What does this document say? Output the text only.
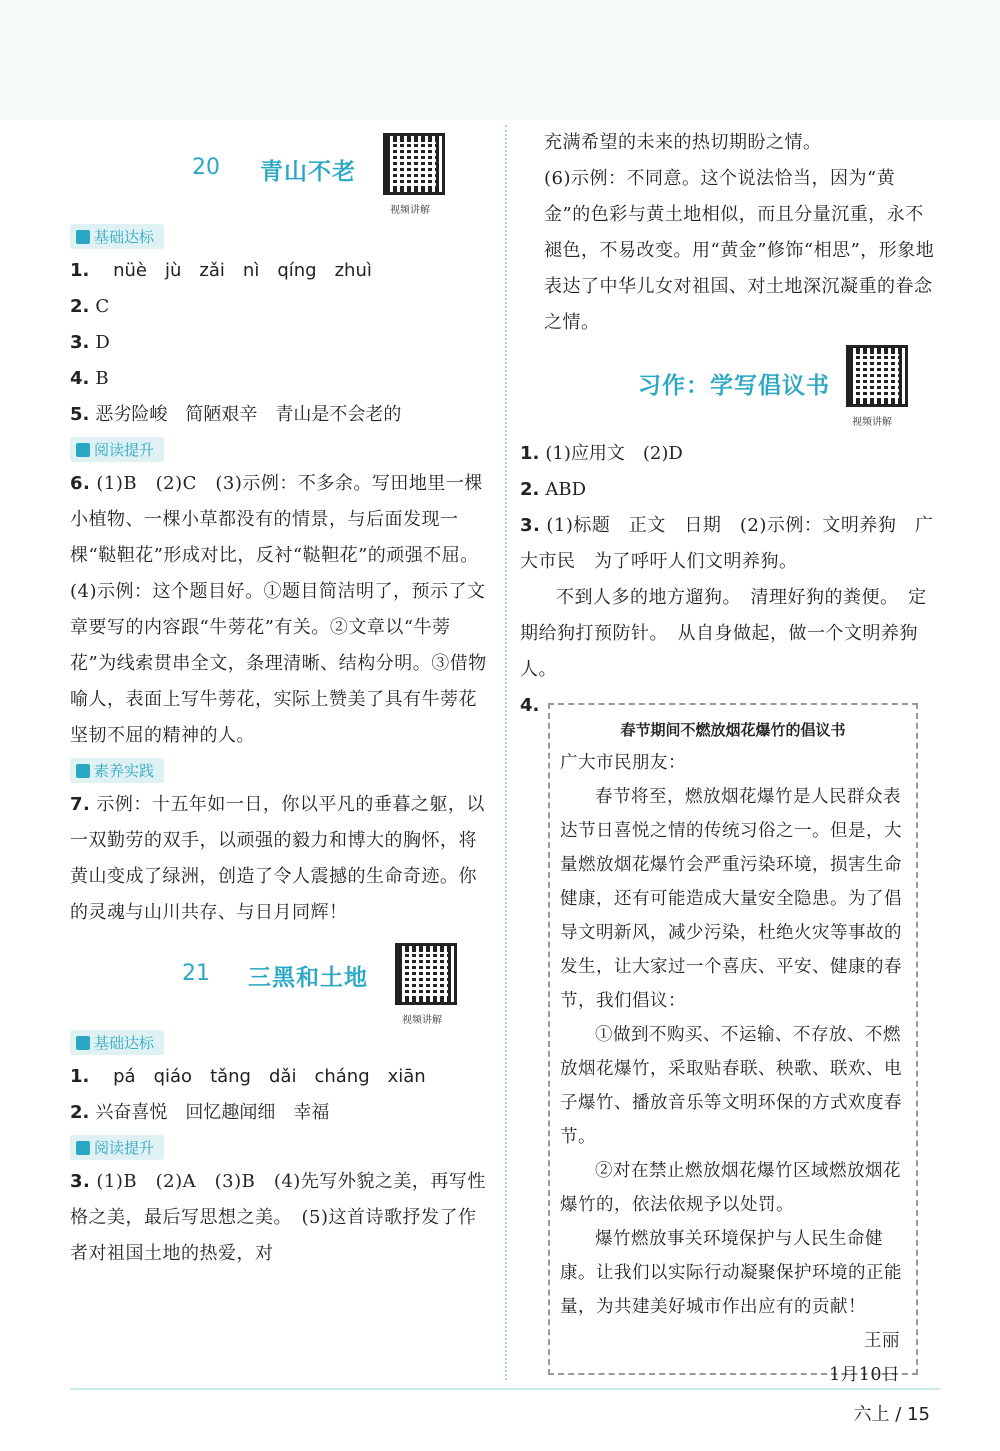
20 青山不老
视频讲解
基础达标
1. nüè jù zǎi nì qíng zhuì
2. C
3. D
4. B
5. 恶劣险峻　简陋艰辛　青山是不会老的
阅读提升
6. (1)B　(2)C　(3)示例：不多余。写田地里一棵小植物、一棵小草都没有的情景，与后面发现一棵“鞑靼花”形成对比，反衬“鞑靼花”的顽强不屈。　(4)示例：这个题目好。①题目简洁明了，预示了文章要写的内容跟“牛蒡花”有关。②文章以“牛蒡花”为线索贯串全文，条理清晰、结构分明。③借物喻人，表面上写牛蒡花，实际上赞美了具有牛蒡花坚韧不屈的精神的人。
素养实践
7. 示例：十五年如一日，你以平凡的垂暮之躯，以一双勤劳的双手，以顽强的毅力和博大的胸怀，将黄山变成了绿洲，创造了令人震撼的生命奇迹。你的灵魂与山川共存、与日月同辉！
21 三黑和土地
视频讲解
基础达标
1. pá qiáo tǎng dǎi cháng xiān
2. 兴奋喜悦　回忆趣闻细　幸福
阅读提升
3. (1)B　(2)A　(3)B　(4)先写外貌之美，再写性格之美，最后写思想之美。　(5)这首诗歌抒发了作者对祖国土地的热爱，对
充满希望的未来的热切期盼之情。
(6)示例：不同意。这个说法恰当，因为“黄金”的色彩与黄土地相似，而且分量沉重，永不褪色，不易改变。用“黄金”修饰“相思”，形象地表达了中华儿女对祖国、对土地深沉凝重的眷念之情。
习作：学写倡议书
视频讲解
1. (1)应用文　(2)D
2. ABD
3. (1)标题　正文　日期　(2)示例：文明养狗　广大市民　为了呼吁人们文明养狗。
不到人多的地方遛狗。　清理好狗的粪便。　定期给狗打预防针。　从自身做起，做一个文明养狗人。
4.
春节期间不燃放烟花爆竹的倡议书
广大市民朋友：
春节将至，燃放烟花爆竹是人民群众表达节日喜悦之情的传统习俗之一。但是，大量燃放烟花爆竹会严重污染环境，损害生命健康，还有可能造成大量安全隐患。为了倡导文明新风，减少污染，杜绝火灾等事故的发生，让大家过一个喜庆、平安、健康的春节，我们倡议：
①做到不购买、不运输、不存放、不燃放烟花爆竹，采取贴春联、秧歌、联欢、电子爆竹、播放音乐等文明环保的方式欢度春节。
②对在禁止燃放烟花爆竹区域燃放烟花爆竹的，依法依规予以处罚。
爆竹燃放事关环境保护与人民生命健康。让我们以实际行动凝聚保护环境的正能量，为共建美好城市作出应有的贡献！
王丽
1月10日
六上 / 15
